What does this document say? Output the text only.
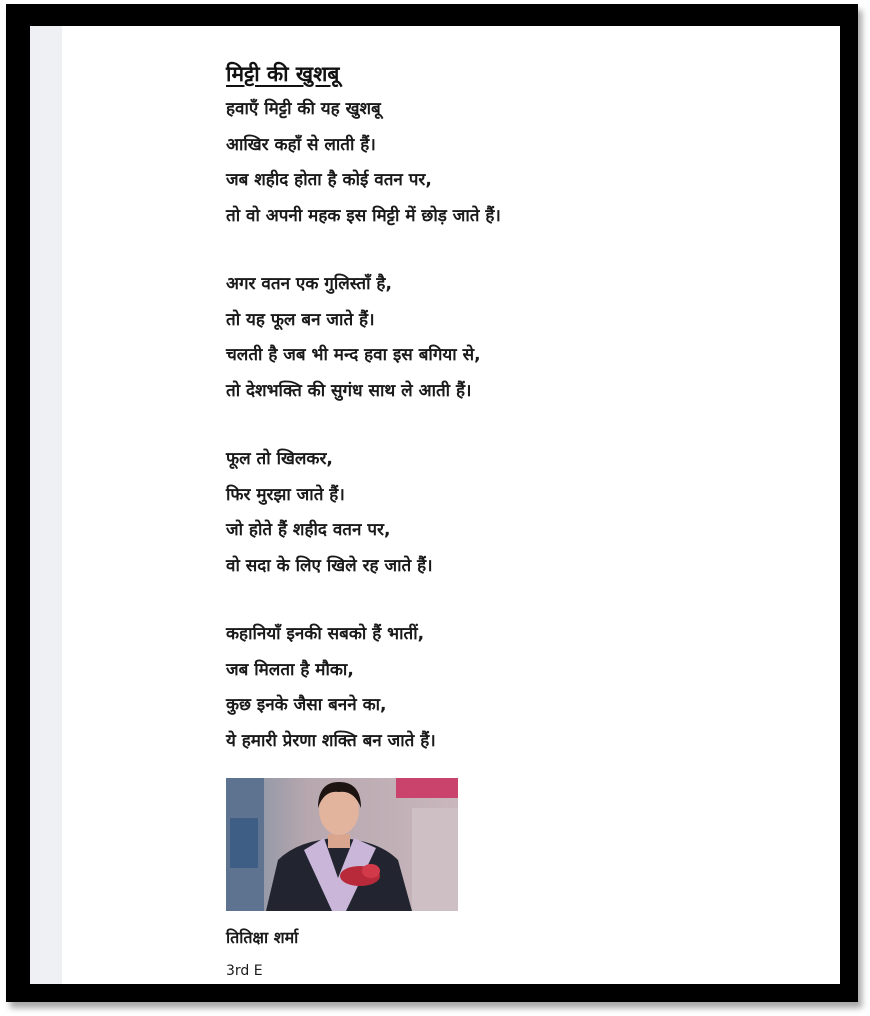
मिट्टी की खुशबू
हवाएँ मिट्टी की यह खुशबू
आखिर कहाँ से लाती हैं।
जब शहीद होता है कोई वतन पर,
तो वो अपनी महक इस मिट्टी में छोड़ जाते हैं।
अगर वतन एक गुलिस्ताँ है,
तो यह फूल बन जाते हैं।
चलती है जब भी मन्द हवा इस बगिया से,
तो देशभक्ति की सुगंध साथ ले आती हैं।
फूल तो खिलकर,
फिर मुरझा जाते हैं।
जो होते हैं शहीद वतन पर,
वो सदा के लिए खिले रह जाते हैं।
कहानियाँ इनकी सबको हैं भातीं,
जब मिलता है मौका,
कुछ इनके जैसा बनने का,
ये हमारी प्रेरणा शक्ति बन जाते हैं।
तितिक्षा शर्मा
3rd E
